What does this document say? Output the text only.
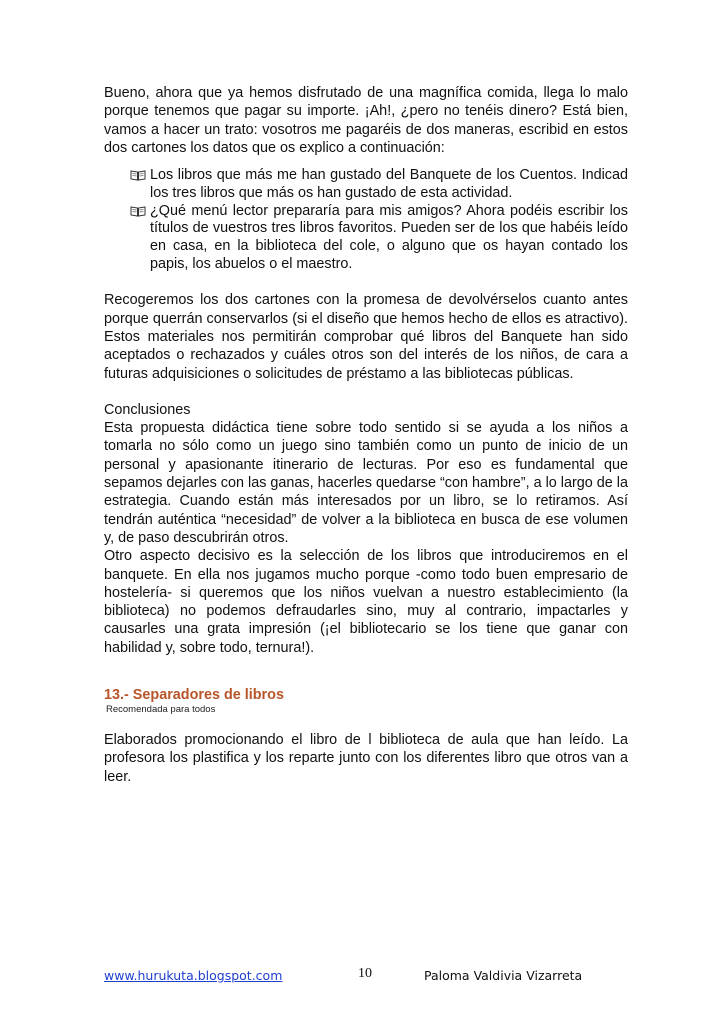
Bueno, ahora que ya hemos disfrutado de una magnífica comida, llega lo malo porque tenemos que pagar su importe. ¡Ah!, ¿pero no tenéis dinero? Está bien, vamos a hacer un trato: vosotros me pagaréis de dos maneras, escribid en estos dos cartones los datos que os explico a continuación:

Los libros que más me han gustado del Banquete de los Cuentos. Indicad los tres libros que más os han gustado de esta actividad.
¿Qué menú lector prepararía para mis amigos? Ahora podéis escribir los títulos de vuestros tres libros favoritos. Pueden ser de los que habéis leído en casa, en la biblioteca del cole, o alguno que os hayan contado los papis, los abuelos o el maestro.

Recogeremos los dos cartones con la promesa de devolvérselos cuanto antes porque querrán conservarlos (si el diseño que hemos hecho de ellos es atractivo). Estos materiales nos permitirán comprobar qué libros del Banquete han sido aceptados o rechazados y cuáles otros son del interés de los niños, de cara a futuras adquisiciones o solicitudes de préstamo a las bibliotecas públicas.

Conclusiones

Esta propuesta didáctica tiene sobre todo sentido si se ayuda a los niños a tomarla no sólo como un juego sino también como un punto de inicio de un personal y apasionante itinerario de lecturas. Por eso es fundamental que sepamos dejarles con las ganas, hacerles quedarse “con hambre”, a lo largo de la estrategia. Cuando están más interesados por un libro, se lo retiramos. Así tendrán auténtica “necesidad” de volver a la biblioteca en busca de ese volumen y, de paso descubrirán otros.

Otro aspecto decisivo es la selección de los libros que introduciremos en el banquete. En ella nos jugamos mucho porque -como todo buen empresario de hostelería- si queremos que los niños vuelvan a nuestro establecimiento (la biblioteca) no podemos defraudarles sino, muy al contrario, impactarles y causarles una grata impresión (¡el bibliotecario se los tiene que ganar con habilidad y, sobre todo, ternura!).

13.- Separadores de libros

Recomendada para todos

Elaborados promocionando el libro de l biblioteca de aula que han leído. La profesora los plastifica y los reparte junto con los diferentes libro que otros van a leer.

www.hurukuta.blogspot.com	10	Paloma Valdivia Vizarreta
